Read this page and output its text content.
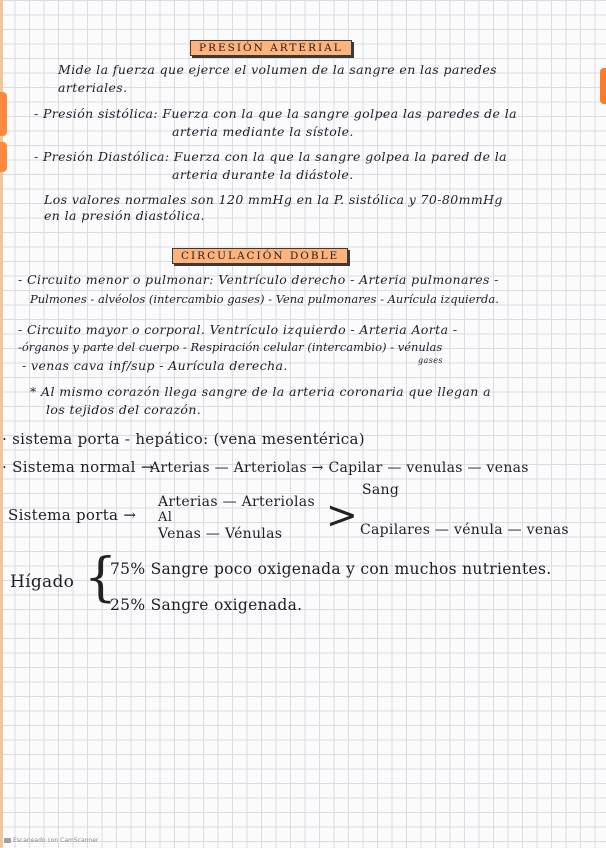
PRESIÓN ARTERIAL
Mide la fuerza que ejerce el volumen de la sangre en las paredes
arteriales.
- Presión sistólica: Fuerza con la que la sangre golpea las paredes de la
arteria mediante la sístole.
- Presión Diastólica: Fuerza con la que la sangre golpea la pared de la
arteria durante la diástole.
Los valores normales son 120 mmHg en la P. sistólica y 70-80mmHg
en la presión diastólica.
CIRCULACIÓN DOBLE
- Circuito menor o pulmonar: Ventrículo derecho - Arteria pulmonares -
Pulmones - alvéolos (intercambio gases) - Vena pulmonares - Aurícula izquierda.
- Circuito mayor o corporal. Ventrículo izquierdo - Arteria Aorta -
-órganos y parte del cuerpo - Respiración celular (intercambio) - vénulas
gases
- venas cava inf/sup - Aurícula derecha.
* Al mismo corazón llega sangre de la arteria coronaria que llegan a
los tejidos del corazón.
· sistema porta - hepático: (vena mesentérica)
· Sistema normal →
Arterias — Arteriolas → Capilar — venulas — venas
Sang
Sistema porta →
Arterias — Arteriolas
Al
Venas — Vénulas > Capilares — vénula — venas
Hígado {
75% Sangre poco oxigenada y con muchos nutrientes.
25% Sangre oxigenada.
Escaneado con CamScanner
